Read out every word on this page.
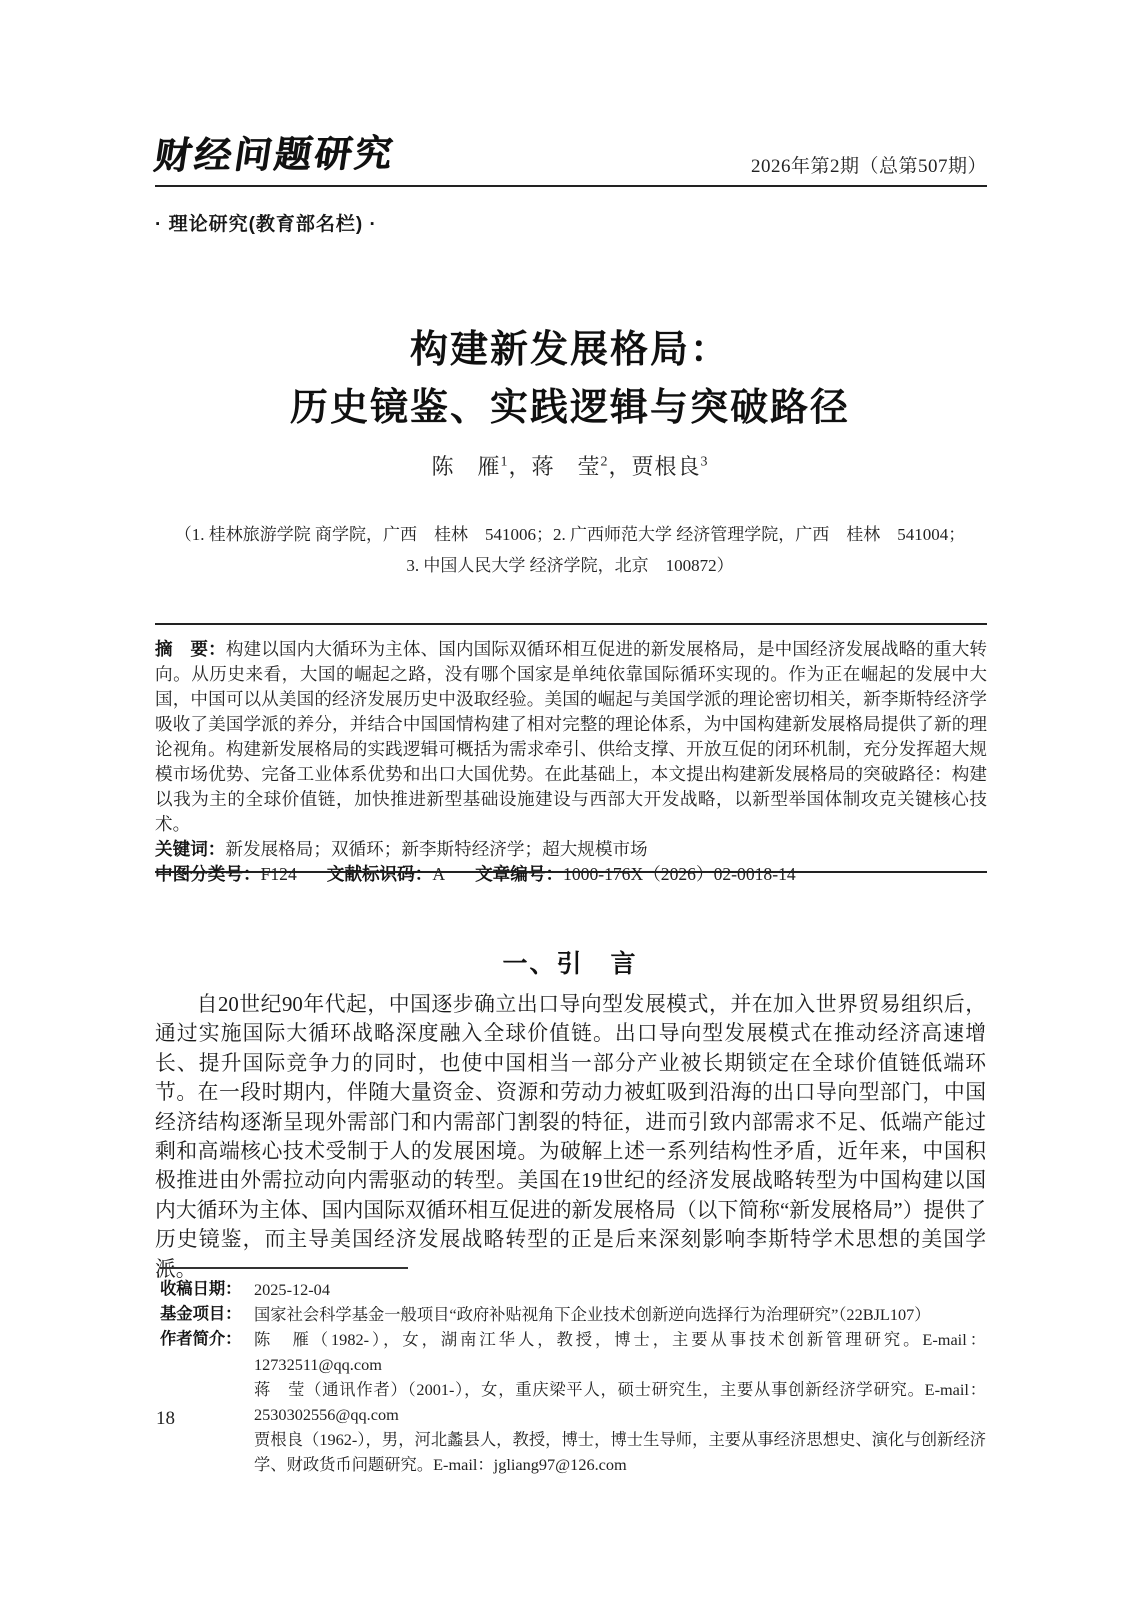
财经问题研究	2026年第2期（总第507期）
· 理论研究(教育部名栏) ·
构建新发展格局：
历史镜鉴、实践逻辑与突破路径
陈　雁$^1$，蒋　莹$^2$，贾根良$^3$
（1. 桂林旅游学院 商学院，广西　桂林　541006；2. 广西师范大学 经济管理学院，广西　桂林　541004；
3. 中国人民大学 经济学院，北京　100872）

摘　要：构建以国内大循环为主体、国内国际双循环相互促进的新发展格局，是中国经济发展战略的重大转向。从历史来看，大国的崛起之路，没有哪个国家是单纯依靠国际循环实现的。作为正在崛起的发展中大国，中国可以从美国的经济发展历史中汲取经验。美国的崛起与美国学派的理论密切相关，新李斯特经济学吸收了美国学派的养分，并结合中国国情构建了相对完整的理论体系，为中国构建新发展格局提供了新的理论视角。构建新发展格局的实践逻辑可概括为需求牵引、供给支撑、开放互促的闭环机制，充分发挥超大规模市场优势、完备工业体系优势和出口大国优势。在此基础上，本文提出构建新发展格局的突破路径：构建以我为主的全球价值链，加快推进新型基础设施建设与西部大开发战略，以新型举国体制攻克关键核心技术。

关键词：新发展格局；双循环；新李斯特经济学；超大规模市场

中图分类号：F124 文献标识码：A 文章编号：1000-176X（2026）02-0018-14

一、引　言
自20世纪90年代起，中国逐步确立出口导向型发展模式，并在加入世界贸易组织后，通过实施国际大循环战略深度融入全球价值链。出口导向型发展模式在推动经济高速增长、提升国际竞争力的同时，也使中国相当一部分产业被长期锁定在全球价值链低端环节。在一段时期内，伴随大量资金、资源和劳动力被虹吸到沿海的出口导向型部门，中国经济结构逐渐呈现外需部门和内需部门割裂的特征，进而引致内部需求不足、低端产能过剩和高端核心技术受制于人的发展困境。为破解上述一系列结构性矛盾，近年来，中国积极推进由外需拉动向内需驱动的转型。美国在19世纪的经济发展战略转型为中国构建以国内大循环为主体、国内国际双循环相互促进的新发展格局（以下简称“新发展格局”）提供了历史镜鉴，而主导美国经济发展战略转型的正是后来深刻影响李斯特学术思想的美国学派。
收稿日期： 2025-12-04
基金项目： 国家社会科学基金一般项目“政府补贴视角下企业技术创新逆向选择行为治理研究”（22BJL107）
作者简介： 陈　雁（1982-），女，湖南江华人，教授，博士，主要从事技术创新管理研究。E-mail：12732511@qq.com

蒋　莹（通讯作者）（2001-），女，重庆梁平人，硕士研究生，主要从事创新经济学研究。E-mail：2530302556@qq.com

贾根良（1962-），男，河北蠡县人，教授，博士，博士生导师，主要从事经济思想史、演化与创新经济学、财政货币问题研究。E-mail：jgliang97@126.com

18
